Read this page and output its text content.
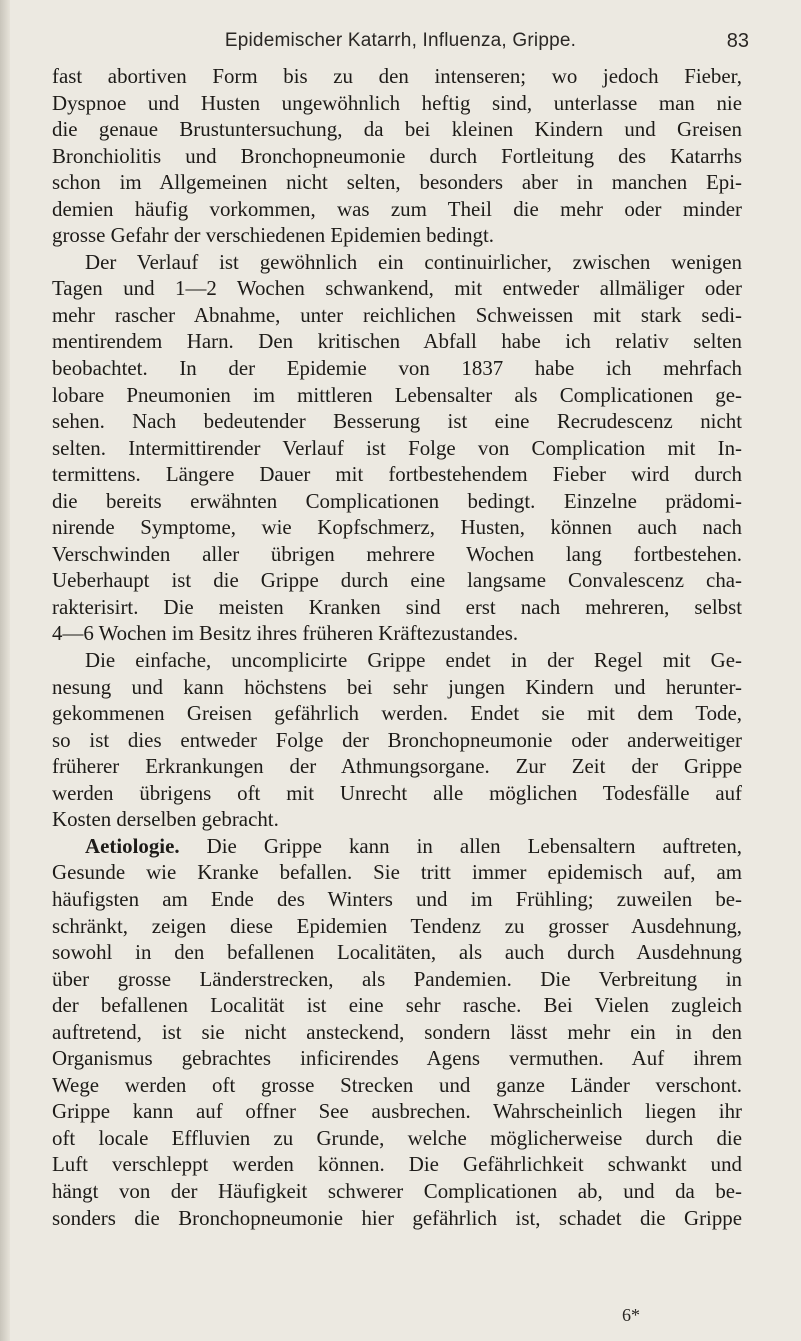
Epidemischer Katarrh, Influenza, Grippe.	83
fast abortiven Form bis zu den intenseren; wo jedoch Fieber,
Dyspnoe und Husten ungewöhnlich heftig sind, unterlasse man nie
die genaue Brustuntersuchung, da bei kleinen Kindern und Greisen
Bronchiolitis und Bronchopneumonie durch Fortleitung des Katarrhs
schon im Allgemeinen nicht selten, besonders aber in manchen Epi-
demien häufig vorkommen, was zum Theil die mehr oder minder
grosse Gefahr der verschiedenen Epidemien bedingt.
Der Verlauf ist gewöhnlich ein continuirlicher, zwischen wenigen
Tagen und 1—2 Wochen schwankend, mit entweder allmäliger oder
mehr rascher Abnahme, unter reichlichen Schweissen mit stark sedi-
mentirendem Harn. Den kritischen Abfall habe ich relativ selten
beobachtet. In der Epidemie von 1837 habe ich mehrfach
lobare Pneumonien im mittleren Lebensalter als Complicationen ge-
sehen. Nach bedeutender Besserung ist eine Recrudescenz nicht
selten. Intermittirender Verlauf ist Folge von Complication mit In-
termittens. Längere Dauer mit fortbestehendem Fieber wird durch
die bereits erwähnten Complicationen bedingt. Einzelne prädomi-
nirende Symptome, wie Kopfschmerz, Husten, können auch nach
Verschwinden aller übrigen mehrere Wochen lang fortbestehen.
Ueberhaupt ist die Grippe durch eine langsame Convalescenz cha-
rakterisirt. Die meisten Kranken sind erst nach mehreren, selbst
4—6 Wochen im Besitz ihres früheren Kräftezustandes.
Die einfache, uncomplicirte Grippe endet in der Regel mit Ge-
nesung und kann höchstens bei sehr jungen Kindern und herunter-
gekommenen Greisen gefährlich werden. Endet sie mit dem Tode,
so ist dies entweder Folge der Bronchopneumonie oder anderweitiger
früherer Erkrankungen der Athmungsorgane. Zur Zeit der Grippe
werden übrigens oft mit Unrecht alle möglichen Todesfälle auf
Kosten derselben gebracht.
Aetiologie. Die Grippe kann in allen Lebensaltern auftreten,
Gesunde wie Kranke befallen. Sie tritt immer epidemisch auf, am
häufigsten am Ende des Winters und im Frühling; zuweilen be-
schränkt, zeigen diese Epidemien Tendenz zu grosser Ausdehnung,
sowohl in den befallenen Localitäten, als auch durch Ausdehnung
über grosse Länderstrecken, als Pandemien. Die Verbreitung in
der befallenen Localität ist eine sehr rasche. Bei Vielen zugleich
auftretend, ist sie nicht ansteckend, sondern lässt mehr ein in den
Organismus gebrachtes inficirendes Agens vermuthen. Auf ihrem
Wege werden oft grosse Strecken und ganze Länder verschont.
Grippe kann auf offner See ausbrechen. Wahrscheinlich liegen ihr
oft locale Effluvien zu Grunde, welche möglicherweise durch die
Luft verschleppt werden können. Die Gefährlichkeit schwankt und
hängt von der Häufigkeit schwerer Complicationen ab, und da be-
sonders die Bronchopneumonie hier gefährlich ist, schadet die Grippe
6*
